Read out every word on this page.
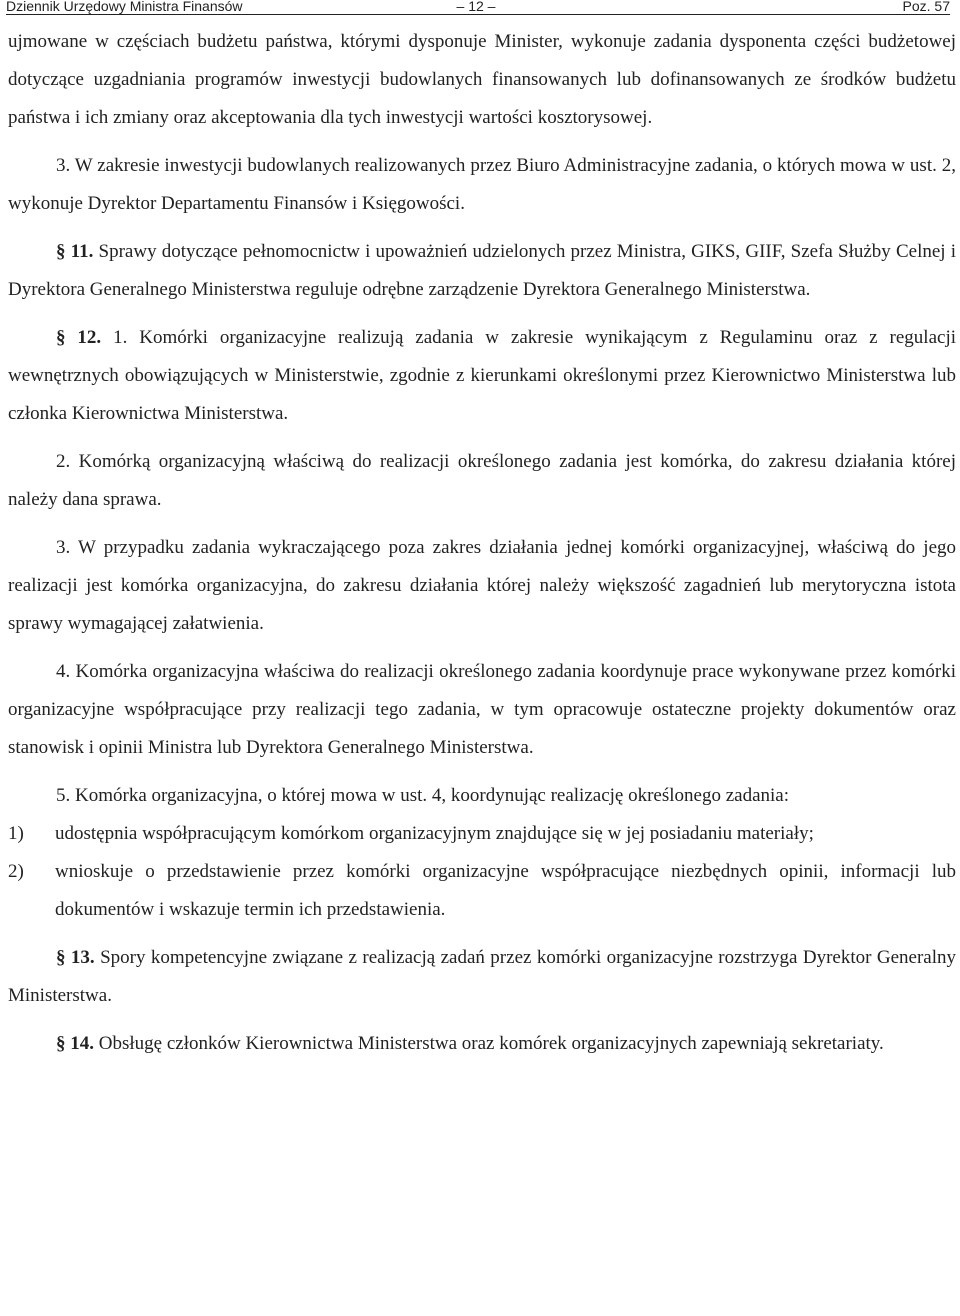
Dziennik Urzędowy Ministra Finansów	– 12 –	Poz. 57

ujmowane w częściach budżetu państwa, którymi dysponuje Minister, wykonuje zadania dysponenta części budżetowej dotyczące uzgadniania programów inwestycji budowlanych finansowanych lub dofinansowanych ze środków budżetu państwa i ich zmiany oraz akceptowania dla tych inwestycji wartości kosztorysowej.

3. W zakresie inwestycji budowlanych realizowanych przez Biuro Administracyjne zadania, o których mowa w ust. 2, wykonuje Dyrektor Departamentu Finansów i Księgowości.

§ 11. Sprawy dotyczące pełnomocnictw i upoważnień udzielonych przez Ministra, GIKS, GIIF, Szefa Służby Celnej i Dyrektora Generalnego Ministerstwa reguluje odrębne zarządzenie Dyrektora Generalnego Ministerstwa.

§ 12. 1. Komórki organizacyjne realizują zadania w zakresie wynikającym z Regulaminu oraz z regulacji wewnętrznych obowiązujących w Ministerstwie, zgodnie z kierunkami określonymi przez Kierownictwo Ministerstwa lub członka Kierownictwa Ministerstwa.

2. Komórką organizacyjną właściwą do realizacji określonego zadania jest komórka, do zakresu działania której należy dana sprawa.

3. W przypadku zadania wykraczającego poza zakres działania jednej komórki organizacyjnej, właściwą do jego realizacji jest komórka organizacyjna, do zakresu działania której należy większość zagadnień lub merytoryczna istota sprawy wymagającej załatwienia.

4. Komórka organizacyjna właściwa do realizacji określonego zadania koordynuje prace wykonywane przez komórki organizacyjne współpracujące przy realizacji tego zadania, w tym opracowuje ostateczne projekty dokumentów oraz stanowisk i opinii Ministra lub Dyrektora Generalnego Ministerstwa.

5. Komórka organizacyjna, o której mowa w ust. 4, koordynując realizację określonego zadania:

1) udostępnia współpracującym komórkom organizacyjnym znajdujące się w jej posiadaniu materiały;

2) wnioskuje o przedstawienie przez komórki organizacyjne współpracujące niezbędnych opinii, informacji lub dokumentów i wskazuje termin ich przedstawienia.

§ 13. Spory kompetencyjne związane z realizacją zadań przez komórki organizacyjne rozstrzyga Dyrektor Generalny Ministerstwa.

§ 14. Obsługę członków Kierownictwa Ministerstwa oraz komórek organizacyjnych zapewniają sekretariaty.
